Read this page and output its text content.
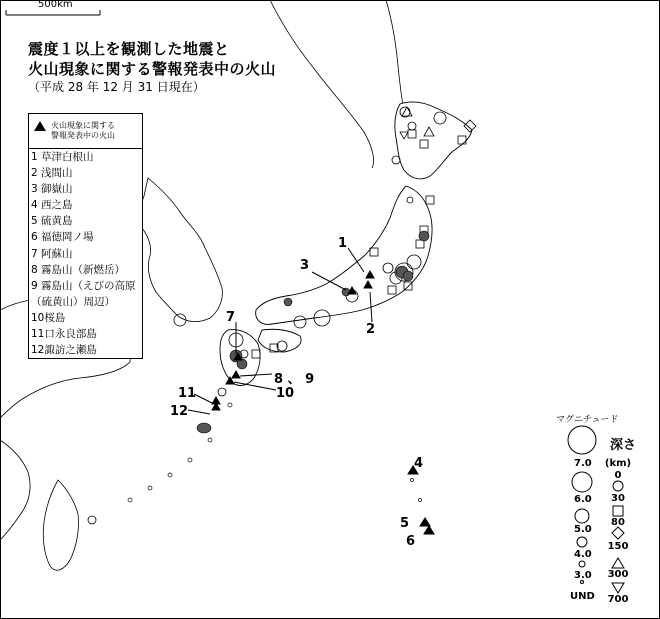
500km
震度１以上を観測した地震と
火山現象に関する警報発表中の火山
（平成 28 年 12 月 31 日現在）
火山現象に関する
警報発表中の火山
1 草津白根山
2 浅間山
3 御嶽山
4 西之島
5 硫黄島
6 福徳岡ノ場
7 阿蘇山
8 霧島山（新燃岳）
9 霧島山（えびの高原
（硫黄山）周辺）
10桜島
11口永良部島
12諏訪之瀬島
1
2
3
4
5
6
7
8 、 9
10
11
12
マグニチュード
7.0
6.0
5.0
4.0
3.0
UND
深さ
(km)
0
30
80
150
300
700
